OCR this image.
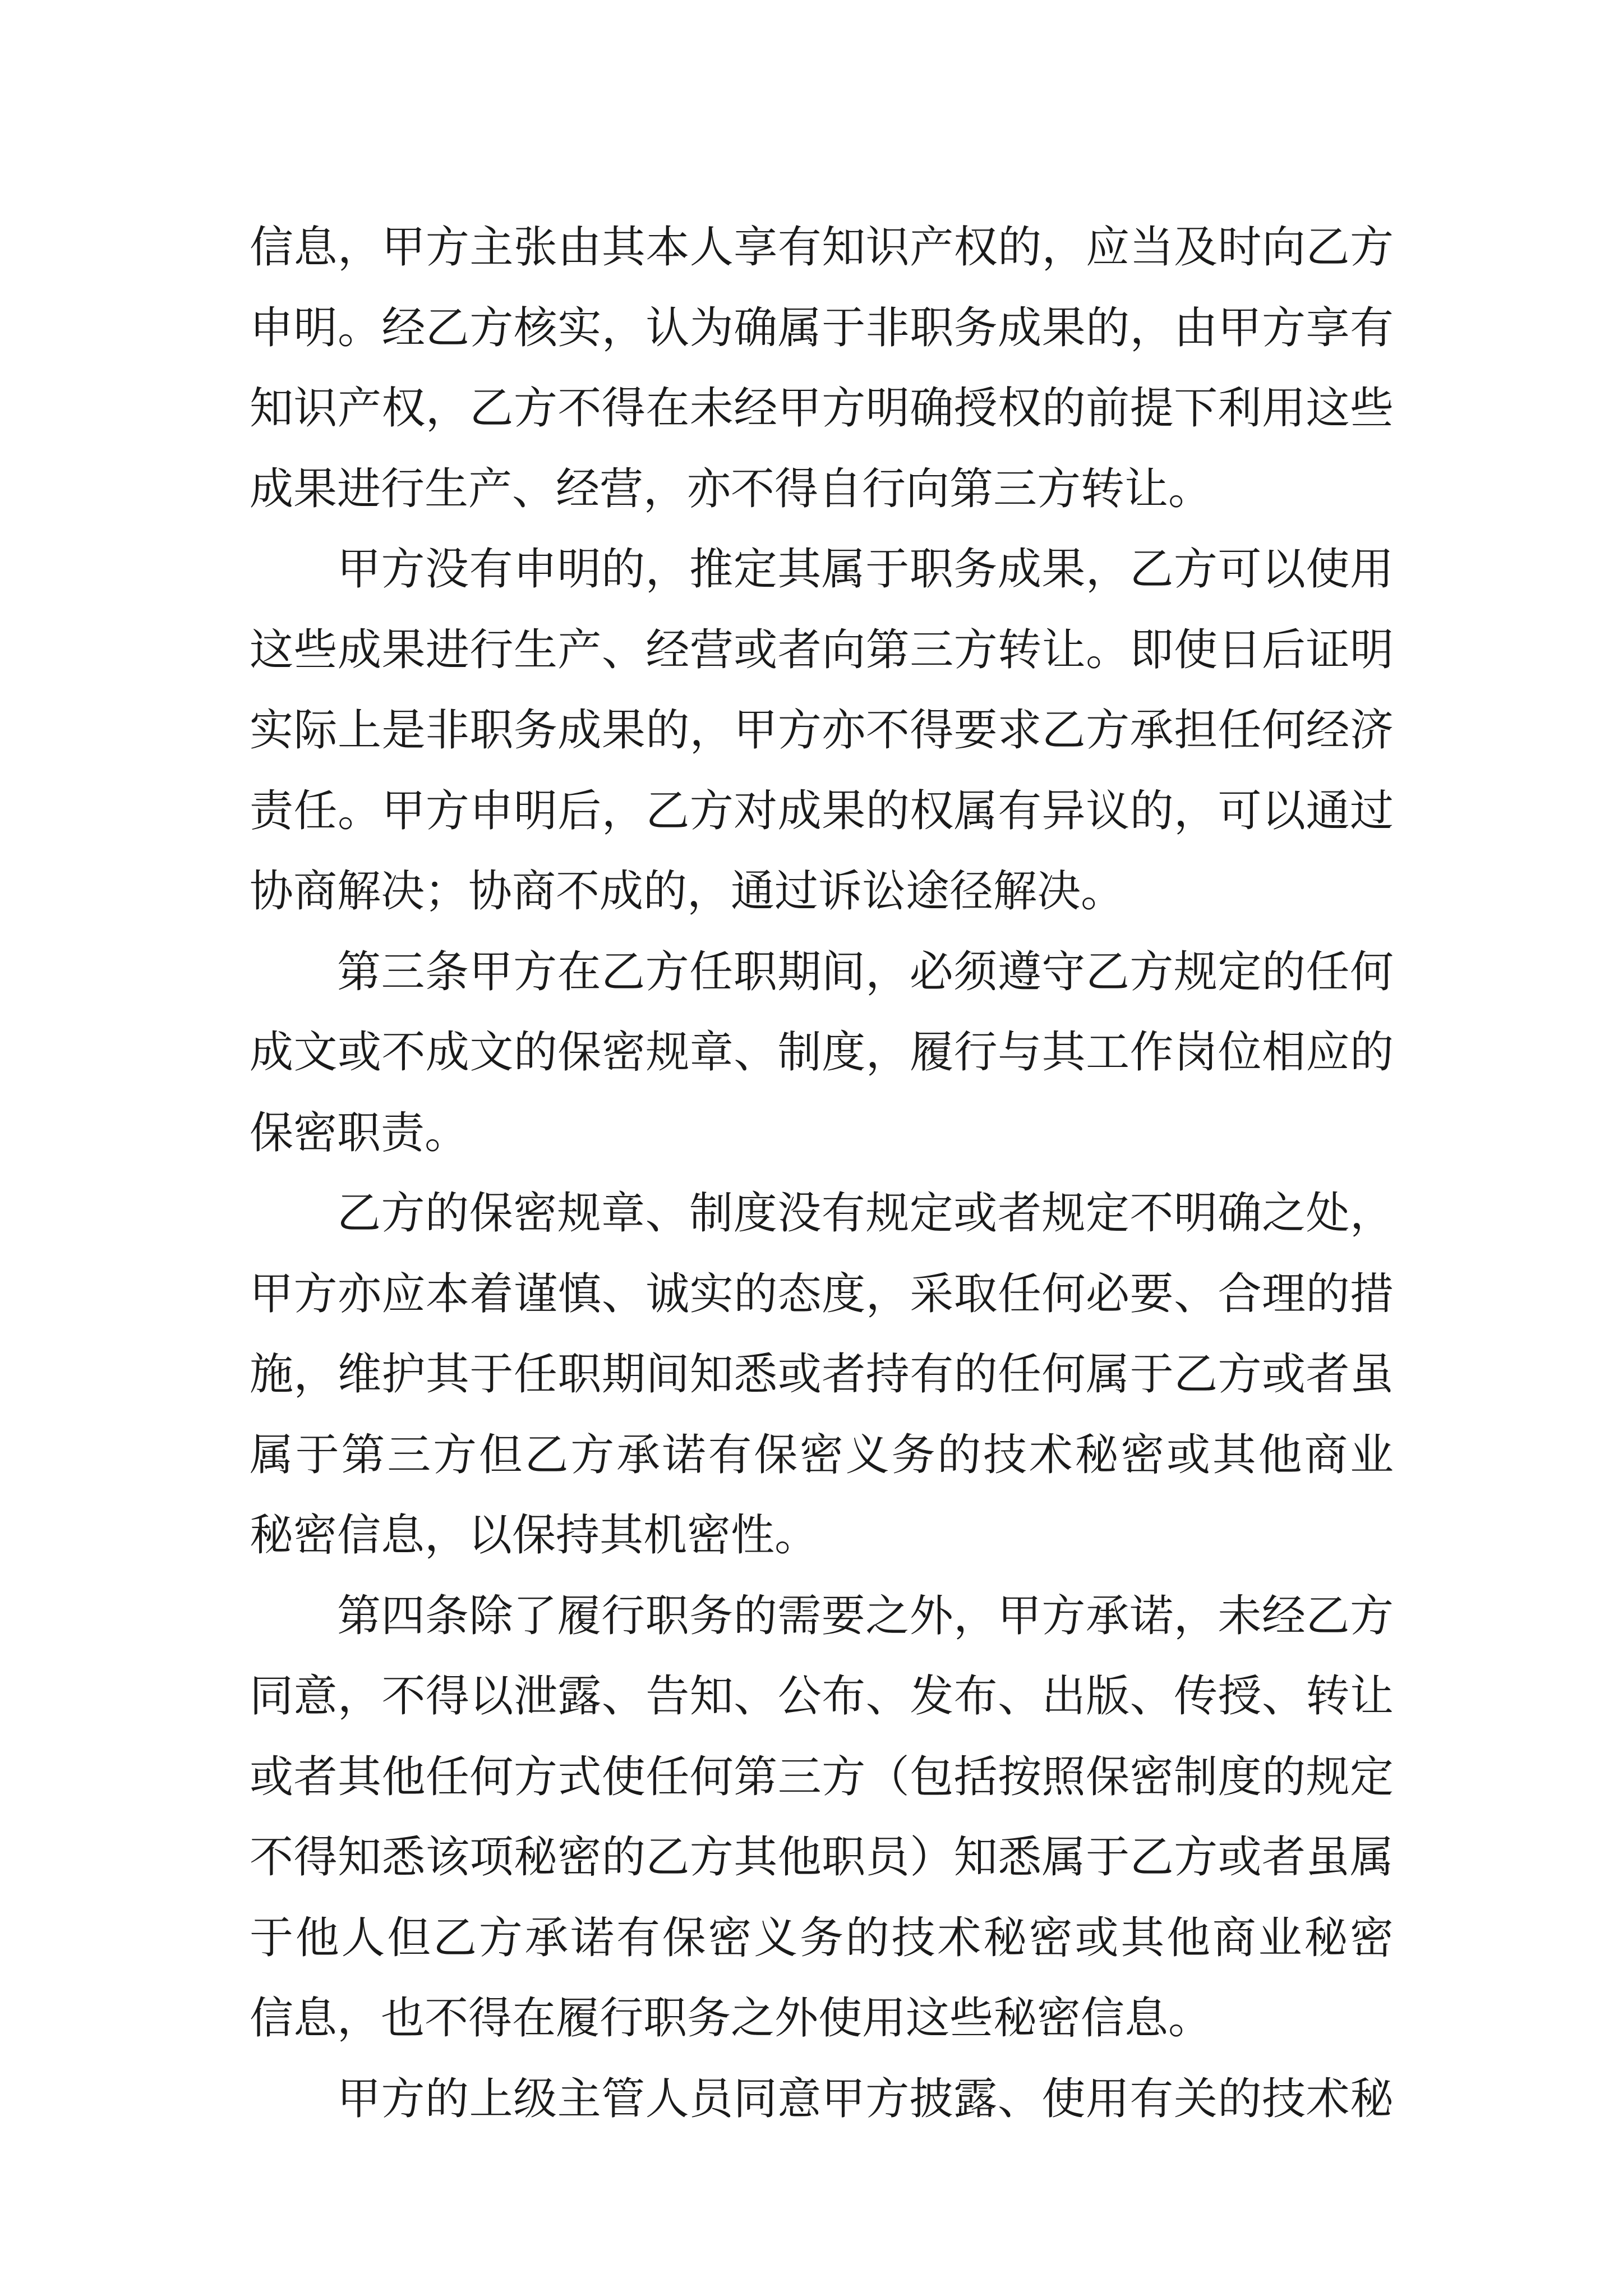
信息，甲方主张由其本人享有知识产权的，应当及时向乙方
申明。经乙方核实，认为确属于非职务成果的，由甲方享有
知识产权，乙方不得在未经甲方明确授权的前提下利用这些
成果进行生产、经营，亦不得自行向第三方转让。
甲方没有申明的，推定其属于职务成果，乙方可以使用
这些成果进行生产、经营或者向第三方转让。即使日后证明
实际上是非职务成果的，甲方亦不得要求乙方承担任何经济
责任。甲方申明后，乙方对成果的权属有异议的，可以通过
协商解决；协商不成的，通过诉讼途径解决。
第三条甲方在乙方任职期间，必须遵守乙方规定的任何
成文或不成文的保密规章、制度，履行与其工作岗位相应的
保密职责。
乙方的保密规章、制度没有规定或者规定不明确之处，
甲方亦应本着谨慎、诚实的态度，采取任何必要、合理的措
施，维护其于任职期间知悉或者持有的任何属于乙方或者虽
属于第三方但乙方承诺有保密义务的技术秘密或其他商业
秘密信息，以保持其机密性。
第四条除了履行职务的需要之外，甲方承诺，未经乙方
同意，不得以泄露、告知、公布、发布、出版、传授、转让
或者其他任何方式使任何第三方（包括按照保密制度的规定
不得知悉该项秘密的乙方其他职员）知悉属于乙方或者虽属
于他人但乙方承诺有保密义务的技术秘密或其他商业秘密
信息，也不得在履行职务之外使用这些秘密信息。
甲方的上级主管人员同意甲方披露、使用有关的技术秘
